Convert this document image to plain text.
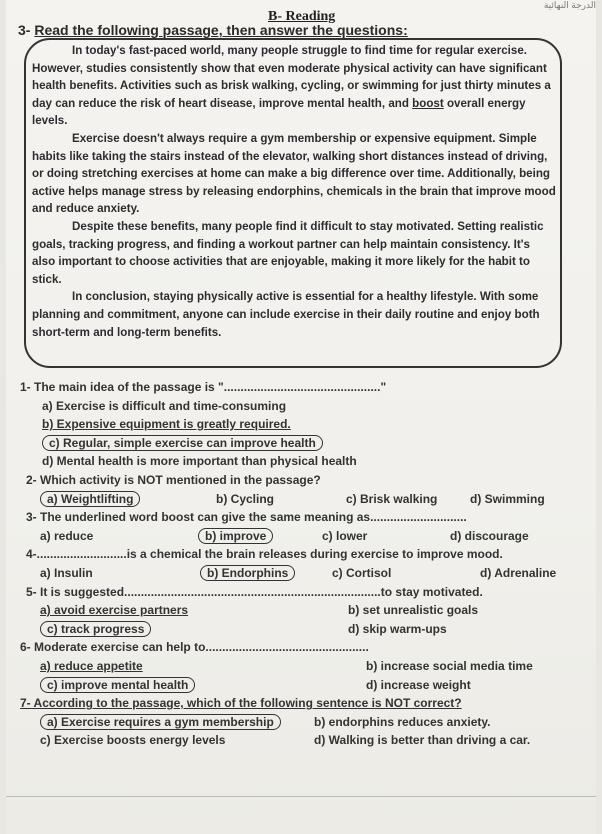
الدرجة النهائية
B- Reading
3- Read the following passage, then answer the questions:

In today's fast-paced world, many people struggle to find time for regular exercise. However, studies consistently show that even moderate physical activity can have significant health benefits. Activities such as brisk walking, cycling, or swimming for just thirty minutes a day can reduce the risk of heart disease, improve mental health, and boost overall energy levels.

Exercise doesn't always require a gym membership or expensive equipment. Simple habits like taking the stairs instead of the elevator, walking short distances instead of driving, or doing stretching exercises at home can make a big difference over time. Additionally, being active helps manage stress by releasing endorphins, chemicals in the brain that improve mood and reduce anxiety.

Despite these benefits, many people find it difficult to stay motivated. Setting realistic goals, tracking progress, and finding a workout partner can help maintain consistency. It's also important to choose activities that are enjoyable, making it more likely for the habit to stick.

In conclusion, staying physically active is essential for a healthy lifestyle. With some planning and commitment, anyone can include exercise in their daily routine and enjoy both short-term and long-term benefits.

1- The main idea of the passage is " ............................................... "
a) Exercise is difficult and time-consuming
b) Expensive equipment is greatly required.
c) Regular, simple exercise can improve health
d) Mental health is more important than physical health
2- Which activity is NOT mentioned in the passage?
a) Weightlifting	b) Cycling	c) Brisk walking	d) Swimming
3- The underlined word boost can give the same meaning as .............................
a) reduce	b) improve	c) lower	d) discourage
4- ........................... is a chemical the brain releases during exercise to improve mood.
a) Insulin	b) Endorphins	c) Cortisol	d) Adrenaline
5- It is suggested ............................................................................. to stay motivated.
a) avoid exercise partners	b) set unrealistic goals
c) track progress	d) skip warm-ups
6- Moderate exercise can help to .................................................
a) reduce appetite	b) increase social media time
c) improve mental health	d) increase weight
7- According to the passage, which of the following sentence is NOT correct?
a) Exercise requires a gym membership	b) endorphins reduces anxiety.
c) Exercise boosts energy levels	d) Walking is better than driving a car.
